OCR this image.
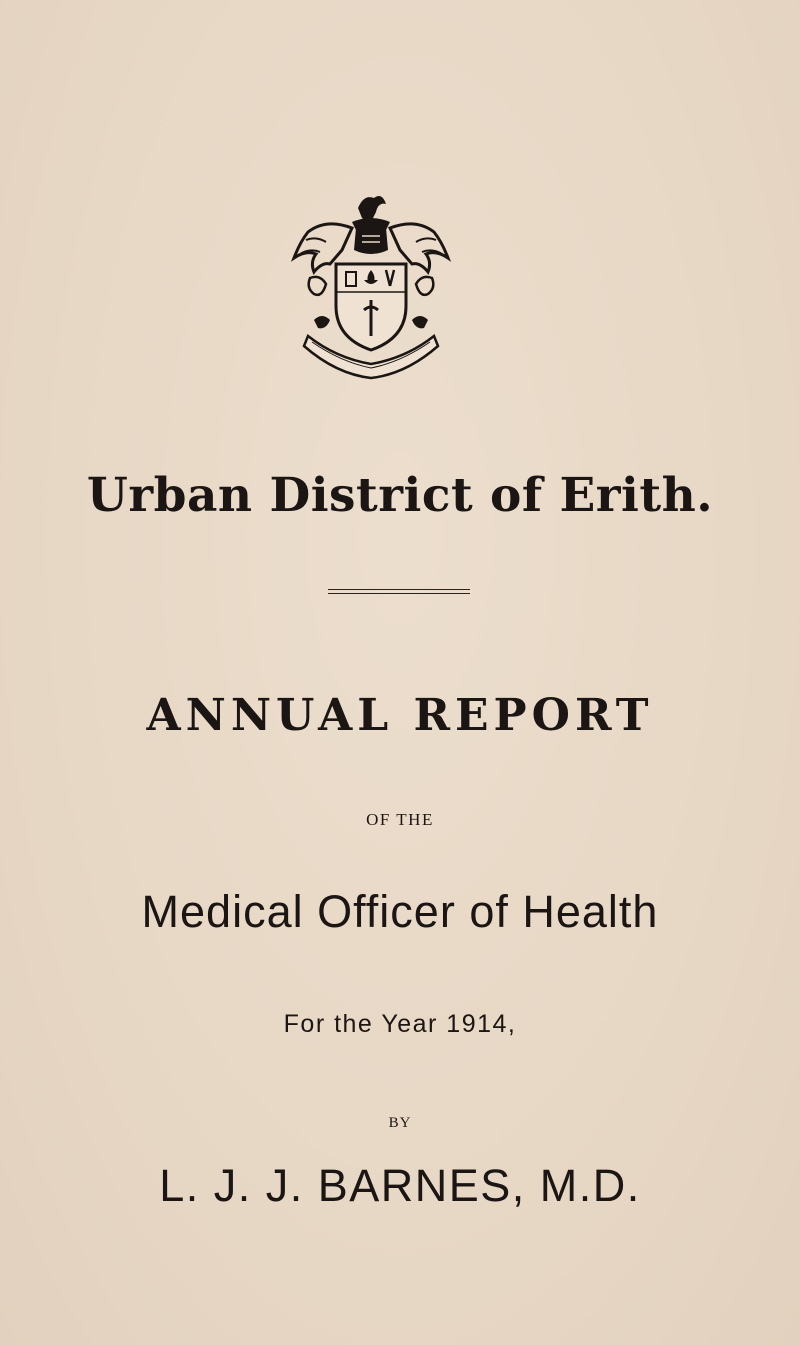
Urban District of Erith.
ANNUAL REPORT
OF THE
Medical Officer of Health
For the Year 1914,
BY
L. J. J. BARNES, M.D.
